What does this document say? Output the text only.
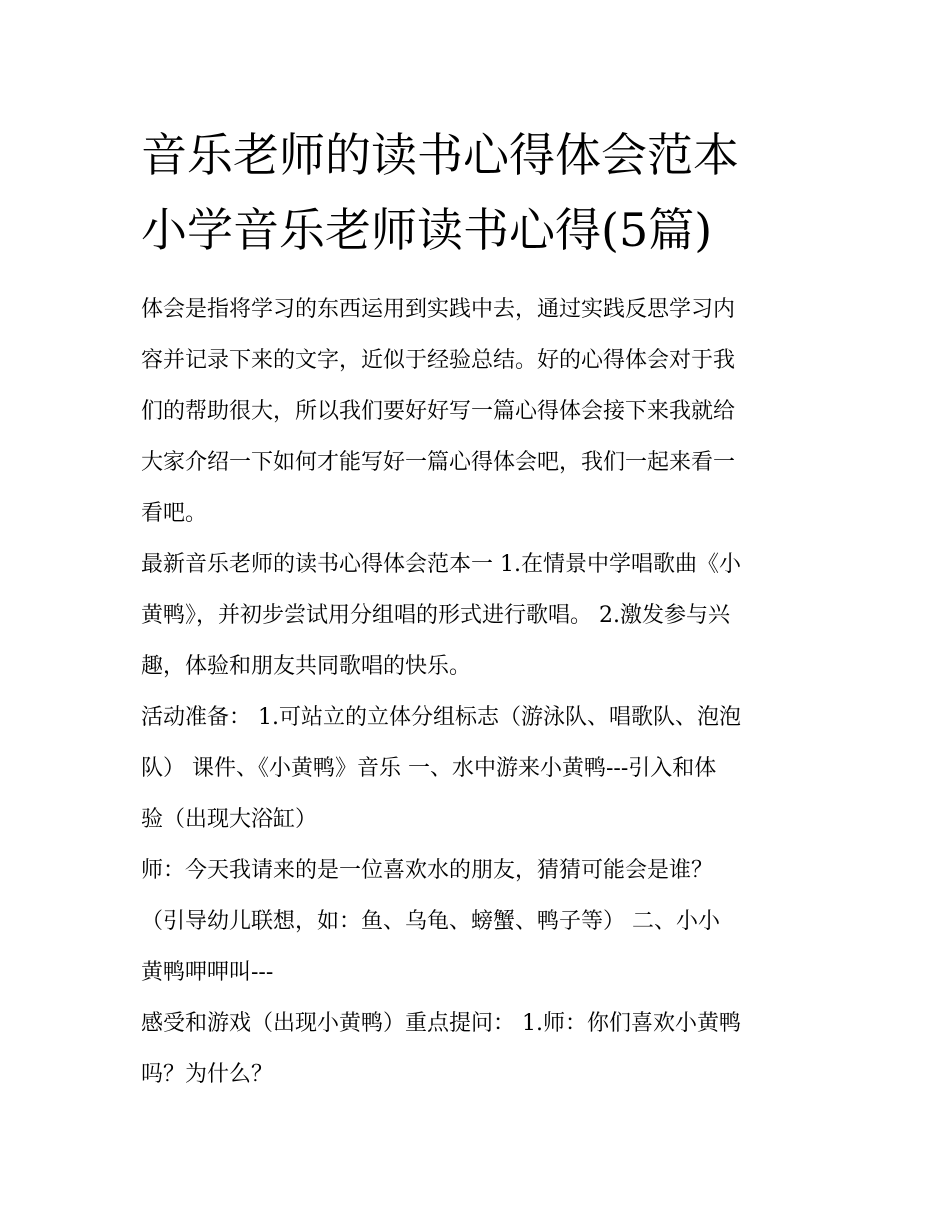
音乐老师的读书心得体会范本
小学音乐老师读书心得(5篇)

体会是指将学习的东西运用到实践中去，通过实践反思学习内
容并记录下来的文字，近似于经验总结。好的心得体会对于我
们的帮助很大，所以我们要好好写一篇心得体会接下来我就给
大家介绍一下如何才能写好一篇心得体会吧，我们一起来看一
看吧。

最新音乐老师的读书心得体会范本一 1.在情景中学唱歌曲《小
黄鸭》，并初步尝试用分组唱的形式进行歌唱。 2.激发参与兴
趣，体验和朋友共同歌唱的快乐。

活动准备： 1.可站立的立体分组标志（游泳队、唱歌队、泡泡
队） 课件、《小黄鸭》音乐 一、水中游来小黄鸭---引入和体
验（出现大浴缸）

师：今天我请来的是一位喜欢水的朋友，猜猜可能会是谁？
（引导幼儿联想，如：鱼、乌龟、螃蟹、鸭子等） 二、小小
黄鸭呷呷叫---

感受和游戏（出现小黄鸭）重点提问： 1.师：你们喜欢小黄鸭
吗？为什么？
